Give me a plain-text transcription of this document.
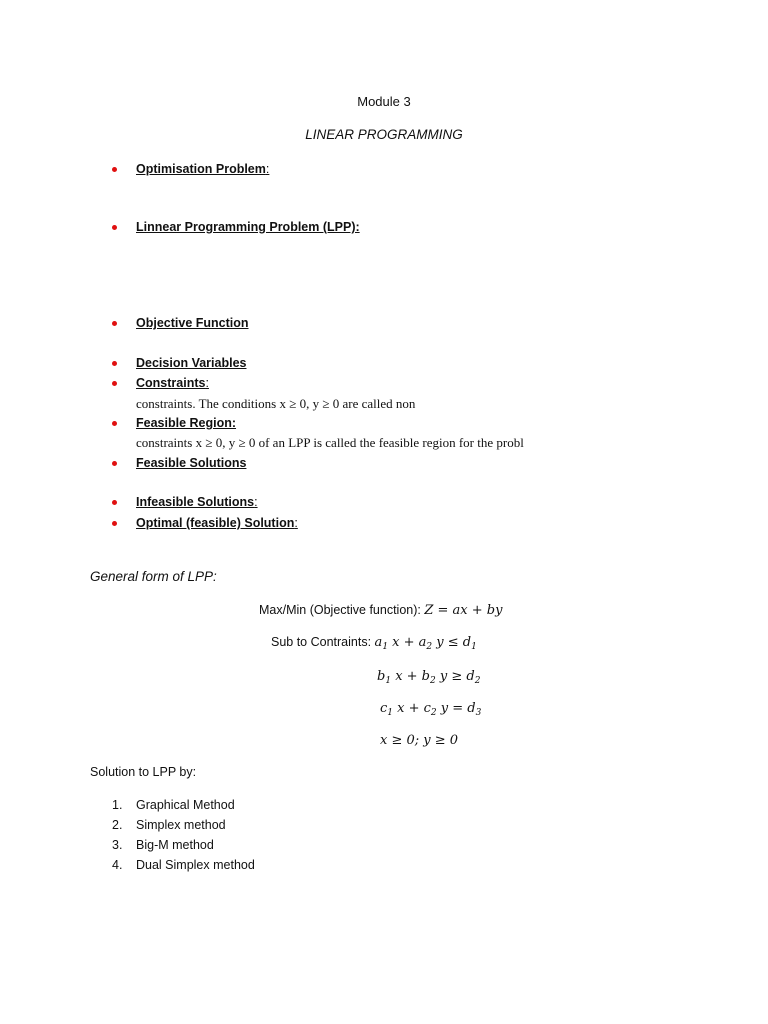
Module 3
LINEAR PROGRAMMING
Optimisation Problem:
Linnear Programming Problem (LPP):
Objective Function
Decision Variables
Constraints:
constraints. The conditions x ≥ 0, y ≥ 0 are called non
Feasible Region:
constraints x ≥ 0, y ≥ 0 of an LPP is called the feasible region for the probl
Feasible Solutions
Infeasible Solutions:
Optimal (feasible) Solution:
General form of LPP:
Max/Min (Objective function): Z = ax + by
Sub to Contraints: $a_1$ $x + a_2$ $y \le d_1$
$b_1$ $x + b_2$ $y \ge d_2$
$c_1$ $x + c_2$ $y = d_3$
x ≥ 0; y ≥ 0
Solution to LPP by:
1. Graphical Method
2. Simplex method
3. Big-M method
4. Dual Simplex method
